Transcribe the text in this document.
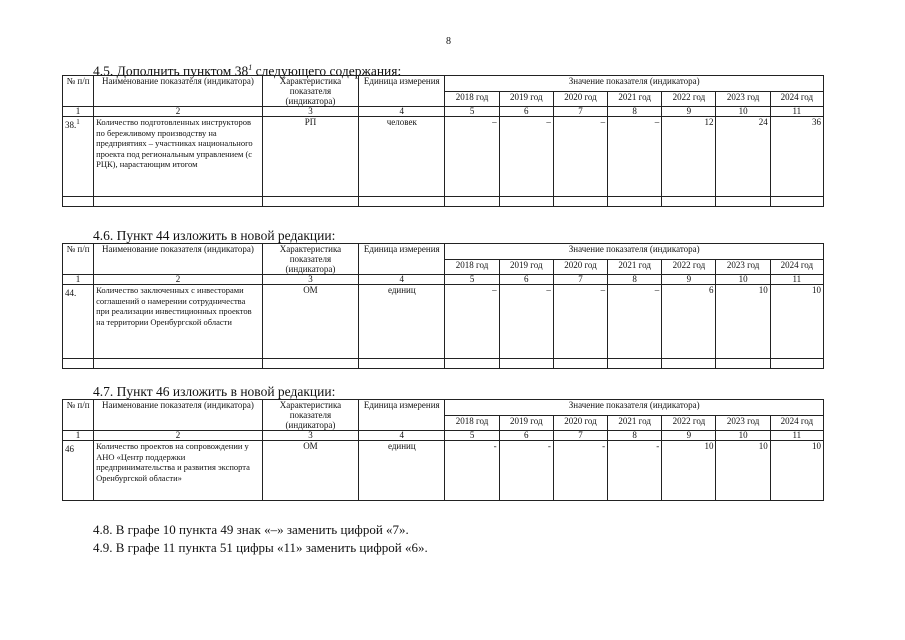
8
4.5. Дополнить пунктом $38^1$ следующего содержания:
4.6. Пункт 44 изложить в новой редакции:
4.7. Пункт 46 изложить в новой редакции:
№ п/п	Наименование показателя (индикатора)	Характеристика показателя (индикатора)	Единица измерения	Значение показателя (индикатора)						
				2018 год	2019 год	2020 год	2021 год	2022 год	2023 год	2024 год
1	2	3	4	5	6	7	8	9	10	11
38.$^1$	Количество подготовленных инструкторов по бережливому производству на предприятиях – участниках национального проекта под региональным управлением (с РЦК), нарастающим итогом	РП	человек	–	–	–	–	12	24	36

№ п/п	Наименование показателя (индикатора)	Характеристика показателя (индикатора)	Единица измерения	Значение показателя (индикатора)						
				2018 год	2019 год	2020 год	2021 год	2022 год	2023 год	2024 год
1	2	3	4	5	6	7	8	9	10	11
44.	Количество заключенных с инвесторами соглашений о намерении сотрудничества при реализации инвестиционных проектов на территории Оренбургской области	ОМ	единиц	–	–	–	–	6	10	10

№ п/п	Наименование показателя (индикатора)	Характеристика показателя (индикатора)	Единица измерения	Значение показателя (индикатора)						
				2018 год	2019 год	2020 год	2021 год	2022 год	2023 год	2024 год
1	2	3	4	5	6	7	8	9	10	11
46	Количество проектов на сопровождении у АНО «Центр поддержки предпринимательства и развития экспорта Оренбургской области»	ОМ	единиц	-	-	-	-	10	10	10
4.8. В графе 10 пункта 49 знак «–» заменить цифрой «7».
4.9. В графе 11 пункта 51 цифры «11» заменить цифрой «6».
